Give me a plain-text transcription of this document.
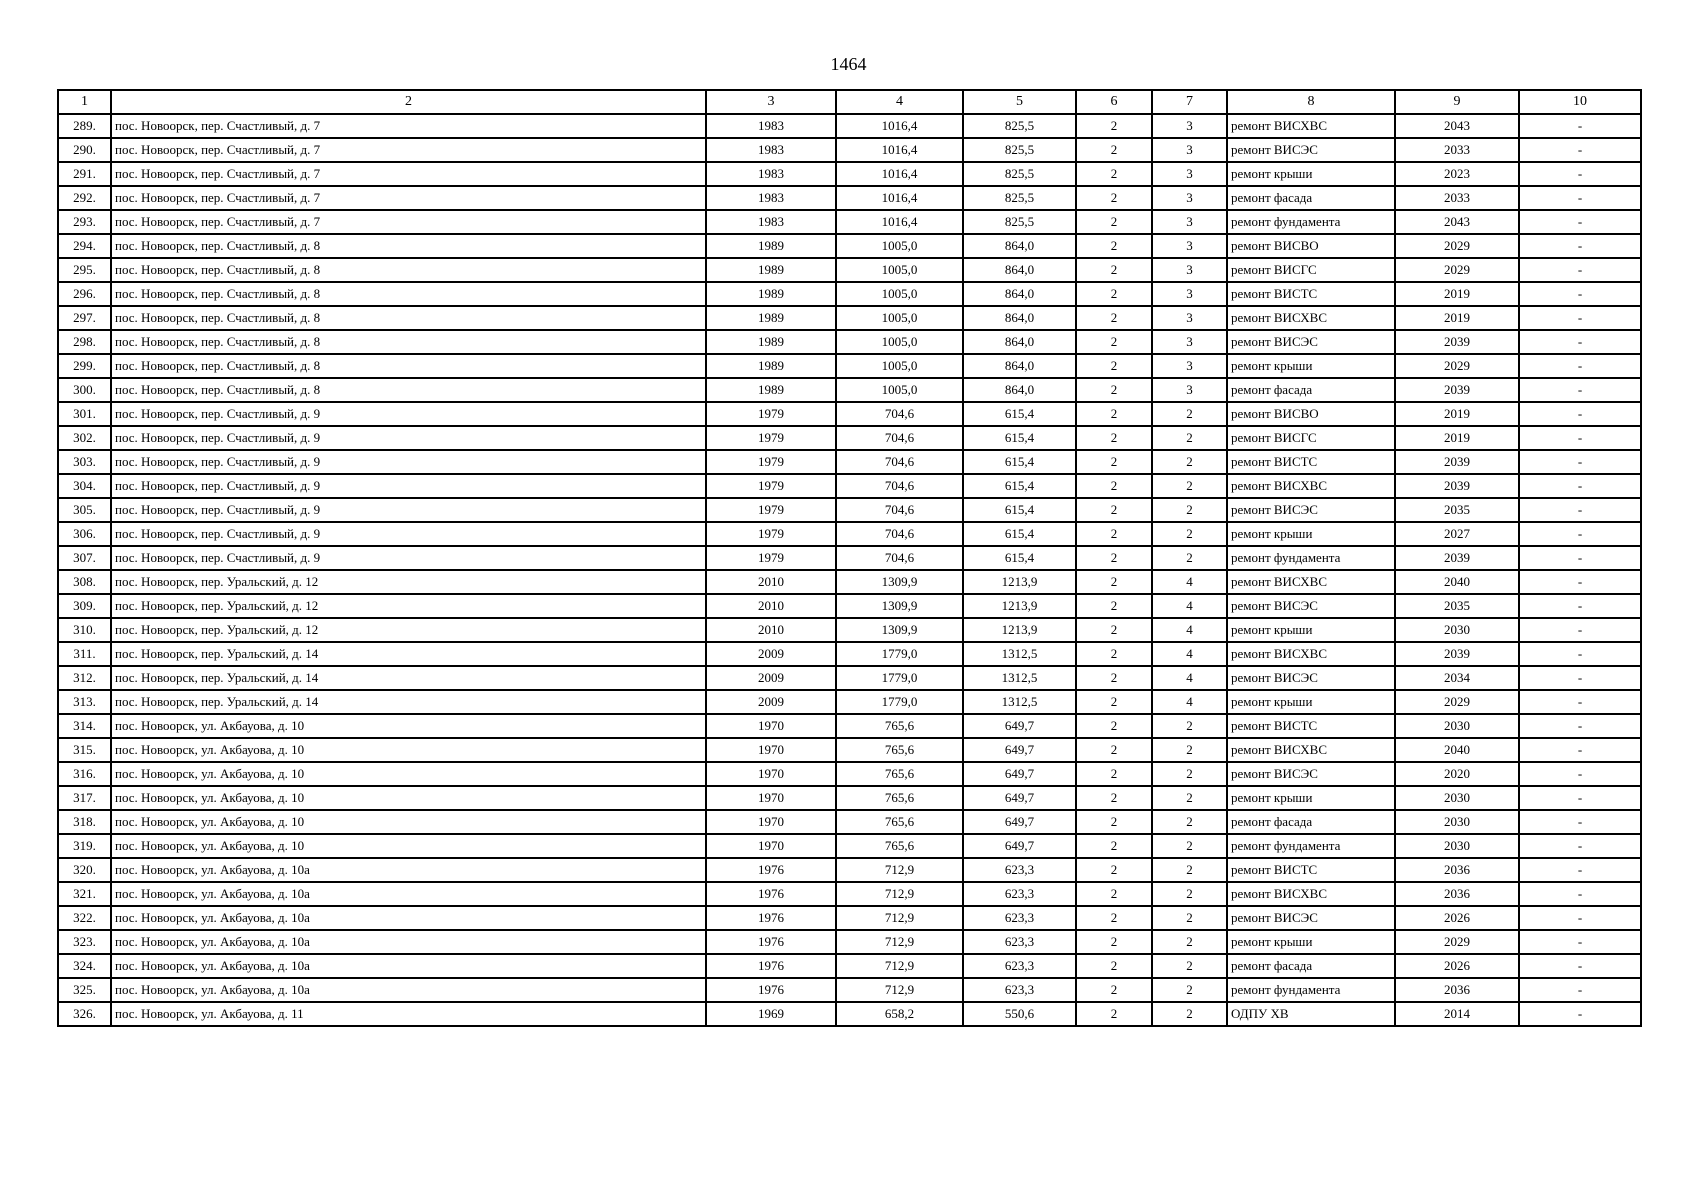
1464
1	2	3	4	5	6	7	8	9	10
289.	пос. Новоорск, пер. Счастливый, д. 7	1983	1016,4	825,5	2	3	ремонт ВИСХВС	2043	-
290.	пос. Новоорск, пер. Счастливый, д. 7	1983	1016,4	825,5	2	3	ремонт ВИСЭС	2033	-
291.	пос. Новоорск, пер. Счастливый, д. 7	1983	1016,4	825,5	2	3	ремонт крыши	2023	-
292.	пос. Новоорск, пер. Счастливый, д. 7	1983	1016,4	825,5	2	3	ремонт фасада	2033	-
293.	пос. Новоорск, пер. Счастливый, д. 7	1983	1016,4	825,5	2	3	ремонт фундамента	2043	-
294.	пос. Новоорск, пер. Счастливый, д. 8	1989	1005,0	864,0	2	3	ремонт ВИСВО	2029	-
295.	пос. Новоорск, пер. Счастливый, д. 8	1989	1005,0	864,0	2	3	ремонт ВИСГС	2029	-
296.	пос. Новоорск, пер. Счастливый, д. 8	1989	1005,0	864,0	2	3	ремонт ВИСТС	2019	-
297.	пос. Новоорск, пер. Счастливый, д. 8	1989	1005,0	864,0	2	3	ремонт ВИСХВС	2019	-
298.	пос. Новоорск, пер. Счастливый, д. 8	1989	1005,0	864,0	2	3	ремонт ВИСЭС	2039	-
299.	пос. Новоорск, пер. Счастливый, д. 8	1989	1005,0	864,0	2	3	ремонт крыши	2029	-
300.	пос. Новоорск, пер. Счастливый, д. 8	1989	1005,0	864,0	2	3	ремонт фасада	2039	-
301.	пос. Новоорск, пер. Счастливый, д. 9	1979	704,6	615,4	2	2	ремонт ВИСВО	2019	-
302.	пос. Новоорск, пер. Счастливый, д. 9	1979	704,6	615,4	2	2	ремонт ВИСГС	2019	-
303.	пос. Новоорск, пер. Счастливый, д. 9	1979	704,6	615,4	2	2	ремонт ВИСТС	2039	-
304.	пос. Новоорск, пер. Счастливый, д. 9	1979	704,6	615,4	2	2	ремонт ВИСХВС	2039	-
305.	пос. Новоорск, пер. Счастливый, д. 9	1979	704,6	615,4	2	2	ремонт ВИСЭС	2035	-
306.	пос. Новоорск, пер. Счастливый, д. 9	1979	704,6	615,4	2	2	ремонт крыши	2027	-
307.	пос. Новоорск, пер. Счастливый, д. 9	1979	704,6	615,4	2	2	ремонт фундамента	2039	-
308.	пос. Новоорск, пер. Уральский, д. 12	2010	1309,9	1213,9	2	4	ремонт ВИСХВС	2040	-
309.	пос. Новоорск, пер. Уральский, д. 12	2010	1309,9	1213,9	2	4	ремонт ВИСЭС	2035	-
310.	пос. Новоорск, пер. Уральский, д. 12	2010	1309,9	1213,9	2	4	ремонт крыши	2030	-
311.	пос. Новоорск, пер. Уральский, д. 14	2009	1779,0	1312,5	2	4	ремонт ВИСХВС	2039	-
312.	пос. Новоорск, пер. Уральский, д. 14	2009	1779,0	1312,5	2	4	ремонт ВИСЭС	2034	-
313.	пос. Новоорск, пер. Уральский, д. 14	2009	1779,0	1312,5	2	4	ремонт крыши	2029	-
314.	пос. Новоорск, ул. Акбауова, д. 10	1970	765,6	649,7	2	2	ремонт ВИСТС	2030	-
315.	пос. Новоорск, ул. Акбауова, д. 10	1970	765,6	649,7	2	2	ремонт ВИСХВС	2040	-
316.	пос. Новоорск, ул. Акбауова, д. 10	1970	765,6	649,7	2	2	ремонт ВИСЭС	2020	-
317.	пос. Новоорск, ул. Акбауова, д. 10	1970	765,6	649,7	2	2	ремонт крыши	2030	-
318.	пос. Новоорск, ул. Акбауова, д. 10	1970	765,6	649,7	2	2	ремонт фасада	2030	-
319.	пос. Новоорск, ул. Акбауова, д. 10	1970	765,6	649,7	2	2	ремонт фундамента	2030	-
320.	пос. Новоорск, ул. Акбауова, д. 10а	1976	712,9	623,3	2	2	ремонт ВИСТС	2036	-
321.	пос. Новоорск, ул. Акбауова, д. 10а	1976	712,9	623,3	2	2	ремонт ВИСХВС	2036	-
322.	пос. Новоорск, ул. Акбауова, д. 10а	1976	712,9	623,3	2	2	ремонт ВИСЭС	2026	-
323.	пос. Новоорск, ул. Акбауова, д. 10а	1976	712,9	623,3	2	2	ремонт крыши	2029	-
324.	пос. Новоорск, ул. Акбауова, д. 10а	1976	712,9	623,3	2	2	ремонт фасада	2026	-
325.	пос. Новоорск, ул. Акбауова, д. 10а	1976	712,9	623,3	2	2	ремонт фундамента	2036	-
326.	пос. Новоорск, ул. Акбауова, д. 11	1969	658,2	550,6	2	2	ОДПУ ХВ	2014	-
